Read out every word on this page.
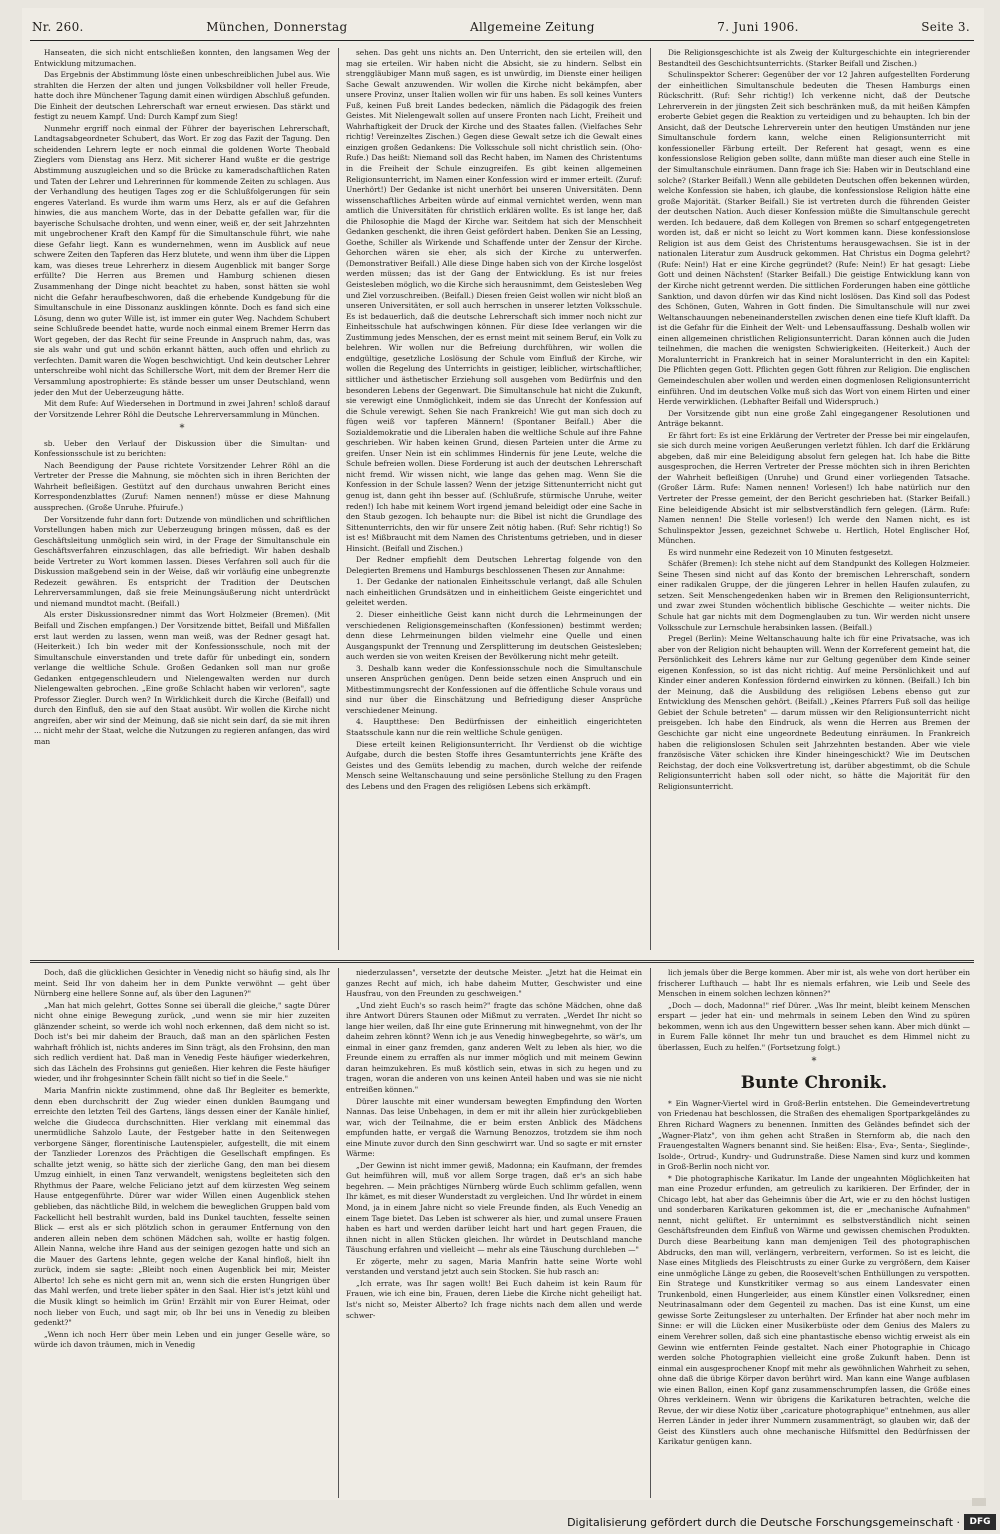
Nr. 260.	München, Donnerstag	Allgemeine Zeitung	7. Juni 1906.	Seite 3.

Hanseaten, die sich nicht entschließen konnten, den langsamen Weg der Entwicklung mitzumachen.

Das Ergebnis der Abstimmung löste einen unbeschreiblichen Jubel aus. Wie strahlten die Herzen der alten und jungen Volksbildner voll heller Freude, hatte doch ihre Münchener Tagung damit einen würdigen Abschluß gefunden. Die Einheit der deutschen Lehrerschaft war erneut erwiesen. Das stärkt und festigt zu neuem Kampf. Und: Durch Kampf zum Sieg!

Nunmehr ergriff noch einmal der Führer der bayerischen Lehrerschaft, Landtagsabgeordneter Schubert, das Wort. Er zog das Fazit der Tagung. Den scheidenden Lehrern legte er noch einmal die goldenen Worte Theobald Zieglers vom Dienstag ans Herz. Mit sicherer Hand wußte er die gestrige Abstimmung auszugleichen und so die Brücke zu kameradschaftlichen Raten und Taten der Lehrer und Lehrerinnen für kommende Zeiten zu schlagen. Aus der Verhandlung des heutigen Tages zog er die Schlußfolgerungen für sein engeres Vaterland. Es wurde ihm warm ums Herz, als er auf die Gefahren hinwies, die aus manchem Worte, das in der Debatte gefallen war, für die bayerische Schulsache drohten, und wenn einer, weiß er, der seit Jahrzehnten mit ungebrochener Kraft den Kampf für die Simultanschule führt, wie nahe diese Gefahr liegt. Kann es wundernehmen, wenn im Ausblick auf neue schwere Zeiten den Tapferen das Herz blutete, und wenn ihm über die Lippen kam, was dieses treue Lehrerherz in diesem Augenblick mit banger Sorge erfüllte? Die Herren aus Bremen und Hamburg schienen diesen Zusammenhang der Dinge nicht beachtet zu haben, sonst hätten sie wohl nicht die Gefahr heraufbeschworen, daß die erhebende Kundgebung für die Simultanschule in eine Dissonanz ausklingen könnte. Doch es fand sich eine Lösung, denn wo guter Wille ist, ist immer ein guter Weg. Nachdem Schubert seine Schlußrede beendet hatte, wurde noch einmal einem Bremer Herrn das Wort gegeben, der das Recht für seine Freunde in Anspruch nahm, das, was sie als wahr und gut und schön erkannt hätten, auch offen und ehrlich zu verfechten. Damit waren die Wogen beschwichtigt. Und kein deutscher Lehrer unterschreibe wohl nicht das Schillersche Wort, mit dem der Bremer Herr die Versammlung apostrophierte: Es stände besser um unser Deutschland, wenn jeder den Mut der Ueberzeugung hätte.

Mit dem Rufe: Auf Wiedersehen in Dortmund in zwei Jahren! schloß darauf der Vorsitzende Lehrer Röhl die Deutsche Lehrerversammlung in München.

*

sb. Ueber den Verlauf der Diskussion über die Simultan- und Konfessionsschule ist zu berichten:

Nach Beendigung der Pause richtete Vorsitzender Lehrer Röhl an die Vertreter der Presse die Mahnung, sie möchten sich in ihren Berichten der Wahrheit befleißigen. Gestützt auf den durchaus unwahren Bericht eines Korrespondenzblattes (Zuruf: Namen nennen!) müsse er diese Mahnung aussprechen. (Große Unruhe. Pfuirufe.)

Der Vorsitzende fuhr dann fort: Dutzende von mündlichen und schriftlichen Vorstellungen haben mich zur Ueberzeugung bringen müssen, daß es der Geschäftsleitung unmöglich sein wird, in der Frage der Simultanschule ein Geschäftsverfahren einzuschlagen, das alle befriedigt. Wir haben deshalb beide Vertreter zu Wort kommen lassen. Dieses Verfahren soll auch für die Diskussion maßgebend sein in der Weise, daß wir vorläufig eine unbegrenzte Redezeit gewähren. Es entspricht der Tradition der Deutschen Lehrerversammlungen, daß sie freie Meinungsäußerung nicht unterdrückt und niemand mundtot macht. (Beifall.)

Als erster Diskussionsredner nimmt das Wort Holzmeier (Bremen). (Mit Beifall und Zischen empfangen.) Der Vorsitzende bittet, Beifall und Mißfallen erst laut werden zu lassen, wenn man weiß, was der Redner gesagt hat. (Heiterkeit.) Ich bin weder mit der Konfessionsschule, noch mit der Simultanschule einverstanden und trete dafür für unbedingt ein, sondern verlange die weltliche Schule. Großen Gedanken soll man nur große Gedanken entgegenschleudern und Nielengewalten werden nur durch Nielengewalten gebrochen. „Eine große Schlacht haben wir verloren", sagte Professor Ziegler. Durch wen? In Wirklichkeit durch die Kirche (Beifall) und durch den Einfluß, den sie auf den Staat ausübt. Wir wollen die Kirche nicht angreifen, aber wir sind der Meinung, daß sie nicht sein darf, da sie mit ihren ... nicht mehr der Staat, welche die Nutzungen zu regieren anfangen, das wird man

sehen. Das geht uns nichts an. Den Unterricht, den sie erteilen will, den mag sie erteilen. Wir haben nicht die Absicht, sie zu hindern. Selbst ein strenggläubiger Mann muß sagen, es ist unwürdig, im Dienste einer heiligen Sache Gewalt anzuwenden. Wir wollen die Kirche nicht bekämpfen, aber unsere Provinz, unser Italien wollen wir für uns haben. Es soll keines Vunters Fuß, keinen Fuß breit Landes bedecken, nämlich die Pädagogik des freien Geistes. Mit Nielengewalt sollen auf unsere Fronten nach Licht, Freiheit und Wahrhaftigkeit der Druck der Kirche und des Staates fallen. (Vielfaches Sehr richtig! Vereinzeltes Zischen.) Gegen diese Gewalt setze ich die Gewalt eines einzigen großen Gedankens: Die Volksschule soll nicht christlich sein. (Oho-Rufe.) Das heißt: Niemand soll das Recht haben, im Namen des Christentums in die Freiheit der Schule einzugreifen. Es gibt keinen allgemeinen Religionsunterricht, im Namen einer Konfession wird er immer erteilt. (Zuruf: Unerhört!) Der Gedanke ist nicht unerhört bei unseren Universitäten. Denn wissenschaftliches Arbeiten würde auf einmal vernichtet werden, wenn man amtlich die Universitäten für christlich erklären wollte. Es ist lange her, daß die Philosophie die Magd der Kirche war. Seitdem hat sich der Menschheit Gedanken geschenkt, die ihren Geist gefördert haben. Denken Sie an Lessing, Goethe, Schiller als Wirkende und Schaffende unter der Zensur der Kirche. Gehorchen wären sie eher, als sich der Kirche zu unterwerfen. (Demonstrativer Beifall.) Alle diese Dinge haben sich von der Kirche losgelöst werden müssen; das ist der Gang der Entwicklung. Es ist nur freies Geistesleben möglich, wo die Kirche sich herausnimmt, dem Geistesleben Weg und Ziel vorzuschreiben. (Beifall.) Diesen freien Geist wollen wir nicht bloß an unseren Universitäten, er soll auch herrschen in unserer letzten Volksschule. Es ist bedauerlich, daß die deutsche Lehrerschaft sich immer noch nicht zur Einheitsschule hat aufschwingen können. Für diese Idee verlangen wir die Zustimmung jedes Menschen, der es ernst meint mit seinem Beruf, ein Volk zu belehren. Wir wollen nur die Befreiung durchführen, wir wollen die endgültige, gesetzliche Loslösung der Schule vom Einfluß der Kirche, wir wollen die Regelung des Unterrichts in geistiger, leiblicher, wirtschaftlicher, sittlicher und ästhetischer Erziehung soll ausgehen vom Bedürfnis und den besonderen Lebens der Gegenwart. Die Simultanschule hat nicht die Zukunft, sie verewigt eine Unmöglichkeit, indem sie das Unrecht der Konfession auf die Schule verewigt. Sehen Sie nach Frankreich! Wie gut man sich doch zu fügen weiß vor tapferen Männern! (Spontaner Beifall.) Aber die Sozialdemokratie und die Liberalen haben die weltliche Schule auf ihre Fahne geschrieben. Wir haben keinen Grund, diesen Parteien unter die Arme zu greifen. Unser Nein ist ein schlimmes Hindernis für jene Leute, welche die Schule befreien wollen. Diese Forderung ist auch der deutschen Lehrerschaft nicht fremd. Wir wissen nicht, wie lange das gehen mag. Wenn Sie die Konfession in der Schule lassen? Wenn der jetzige Sittenunterricht nicht gut genug ist, dann geht ihn besser auf. (Schlußrufe, stürmische Unruhe, weiter reden!) Ich habe mit keinem Wort irgend jemand beleidigt oder eine Sache in den Staub gezogen. Ich behaupte nur: die Bibel ist nicht die Grundlage des Sittenunterrichts, den wir für unsere Zeit nötig haben. (Ruf: Sehr richtig!) So ist es! Mißbraucht mit dem Namen des Christentums getrieben, und in dieser Hinsicht. (Beifall und Zischen.)

Der Redner empfiehlt dem Deutschen Lehrertag folgende von den Delegierten Bremens und Hamburgs beschlossenen Thesen zur Annahme:

1. Der Gedanke der nationalen Einheitsschule verlangt, daß alle Schulen nach einheitlichen Grundsätzen und in einheitlichem Geiste eingerichtet und geleitet werden.

2. Dieser einheitliche Geist kann nicht durch die Lehrmeinungen der verschiedenen Religionsgemeinschaften (Konfessionen) bestimmt werden; denn diese Lehrmeinungen bilden vielmehr eine Quelle und einen Ausgangspunkt der Trennung und Zersplitterung im deutschen Geistesleben; auch werden sie von weiten Kreisen der Bevölkerung nicht mehr geteilt.

3. Deshalb kann weder die Konfessionsschule noch die Simultanschule unseren Ansprüchen genügen. Denn beide setzen einen Anspruch und ein Mitbestimmungsrecht der Konfessionen auf die öffentliche Schule voraus und sind nur über die Einschätzung und Befriedigung dieser Ansprüche verschiedener Meinung.

4. Hauptthese: Den Bedürfnissen der einheitlich eingerichteten Staatsschule kann nur die rein weltliche Schule genügen.

Diese erteilt keinen Religionsunterricht. Ihr Verdienst ob die wichtige Aufgabe, durch die besten Stoffe ihres Gesamtunterrichts jene Kräfte des Geistes und des Gemüts lebendig zu machen, durch welche der reifende Mensch seine Weltanschauung und seine persönliche Stellung zu den Fragen des Lebens und den Fragen des religiösen Lebens sich erkämpft.

Die Religionsgeschichte ist als Zweig der Kulturgeschichte ein integrierender Bestandteil des Geschichtsunterrichts. (Starker Beifall und Zischen.)

Schulinspektor Scherer: Gegenüber der vor 12 Jahren aufgestellten Forderung der einheitlichen Simultanschule bedeuten die Thesen Hamburgs einen Rückschritt. (Ruf: Sehr richtig!) Ich verkenne nicht, daß der Deutsche Lehrerverein in der jüngsten Zeit sich beschränken muß, da mit heißen Kämpfen eroberte Gebiet gegen die Reaktion zu verteidigen und zu behaupten. Ich bin der Ansicht, daß der Deutsche Lehrerverein unter den heutigen Umständen nur jene Simultanschule fordern kann, welche einen Religionsunterricht mit konfessioneller Färbung erteilt. Der Referent hat gesagt, wenn es eine konfessionslose Religion geben sollte, dann müßte man dieser auch eine Stelle in der Simultanschule einräumen. Dann frage ich Sie: Haben wir in Deutschland eine solche? (Starker Beifall.) Wenn alle gebildeten Deutschen offen bekennen würden, welche Konfession sie haben, ich glaube, die konfessionslose Religion hätte eine große Majorität. (Starker Beifall.) Sie ist vertreten durch die führenden Geister der deutschen Nation. Auch dieser Konfession müßte die Simultanschule gerecht werden. Ich bedauere, daß dem Kollegen von Bremen so scharf entgegengetreten worden ist, daß er nicht so leicht zu Wort kommen kann. Diese konfessionslose Religion ist aus dem Geist des Christentums herausgewachsen. Sie ist in der nationalen Literatur zum Ausdruck gekommen. Hat Christus ein Dogma gelehrt? (Rufe: Nein!) Hat er eine Kirche gegründet? (Rufe: Nein!) Er hat gesagt: Liebe Gott und deinen Nächsten! (Starker Beifall.) Die geistige Entwicklung kann von der Kirche nicht getrennt werden. Die sittlichen Forderungen haben eine göttliche Sanktion, und davon dürfen wir das Kind nicht loslösen. Das Kind soll das Podest des Schönen, Guten, Wahren in Gott finden. Die Simultanschule will nur zwei Weltanschauungen nebeneinanderstellen zwischen denen eine tiefe Kluft klafft. Da ist die Gefahr für die Einheit der Welt- und Lebensauffassung. Deshalb wollen wir einen allgemeinen christlichen Religionsunterricht. Daran können auch die Juden teilnehmen, die machen die wenigsten Schwierigkeiten. (Heiterkeit.) Auch der Moralunterricht in Frankreich hat in seiner Moralunterricht in den ein Kapitel: Die Pflichten gegen Gott. Pflichten gegen Gott führen zur Religion. Die englischen Gemeindeschulen aber wollen und werden einen dogmenlosen Religionsunterricht einführen. Und im deutschen Volke muß sich das Wort von einem Hirten und einer Herde verwirklichen. (Lebhafter Beifall und Widerspruch.)

Der Vorsitzende gibt nun eine große Zahl eingegangener Resolutionen und Anträge bekannt.

Er fährt fort: Es ist eine Erklärung der Vertreter der Presse bei mir eingelaufen, sie sich durch meine vorigen Aeußerungen verletzt fühlen. Ich darf die Erklärung abgeben, daß mir eine Beleidigung absolut fern gelegen hat. Ich habe die Bitte ausgesprochen, die Herren Vertreter der Presse möchten sich in ihren Berichten der Wahrheit befleißigen (Unruhe) und Grund einer vorliegenden Tatsache. (Großer Lärm. Rufe: Namen nennen! Vorlesen!) Ich habe natürlich nur den Vertreter der Presse gemeint, der den Bericht geschrieben hat. (Starker Beifall.) Eine beleidigende Absicht ist mir selbstverständlich fern gelegen. (Lärm. Rufe: Namen nennen! Die Stelle vorlesen!) Ich werde den Namen nicht, es ist Schulinspektor Jessen, gezeichnet Schwebe u. Hertlich, Hotel Englischer Hof, München.

Es wird nunmehr eine Redezeit von 10 Minuten festgesetzt.

Schäfer (Bremen): Ich stehe nicht auf dem Standpunkt des Kollegen Holzmeier. Seine Thesen sind nicht auf das Konto der bremischen Lehrerschaft, sondern einer radikalen Gruppe, der die jüngeren Lehrer in hellen Haufen zulaufen, zu setzen. Seit Menschengedenken haben wir in Bremen den Religionsunterricht, und zwar zwei Stunden wöchentlich biblische Geschichte — weiter nichts. Die Schule hat gar nichts mit dem Dogmenglauben zu tun. Wir werden nicht unsere Volksschule zur Lernschule herabsinken lassen. (Beifall.)

Pregel (Berlin): Meine Weltanschauung halte ich für eine Privatsache, was ich aber von der Religion nicht behaupten will. Wenn der Korreferent gemeint hat, die Persönlichkeit des Lehrers käme nur zur Geltung gegenüber dem Kinde seiner eigenen Konfession, so ist das nicht richtig. Auf meine Persönlichkeit und auf Kinder einer anderen Konfession fördernd einwirken zu können. (Beifall.) Ich bin der Meinung, daß die Ausbildung des religiösen Lebens ebenso gut zur Entwicklung des Menschen gehört. (Beifall.) „Keines Pfarrers Fuß soll das heilige Gebiet der Schule betreten" — darum müssen wir den Religionsunterricht nicht preisgeben. Ich habe den Eindruck, als wenn die Herren aus Bremen der Geschichte gar nicht eine ungeordnete Bedeutung einräumen. In Frankreich haben die religionslosen Schulen seit Jahrzehnten bestanden. Aber wie viele französische Väter schicken ihre Kinder hineingeschickt? Wie im Deutschen Reichstag, der doch eine Volksvertretung ist, darüber abgestimmt, ob die Schule Religionsunterricht haben soll oder nicht, so hätte die Majorität für den Religionsunterricht.

Doch, daß die glücklichen Gesichter in Venedig nicht so häufig sind, als Ihr meint. Seid Ihr von daheim her in dem Punkte verwöhnt — geht über Nürnberg eine hellere Sonne auf, als über den Lagunen?"

„Man hat mich gelehrt, Gottes Sonne sei überall die gleiche," sagte Dürer nicht ohne einige Bewegung zurück, „und wenn sie mir hier zuzeiten glänzender scheint, so werde ich wohl noch erkennen, daß dem nicht so ist. Doch ist's bei mir daheim der Brauch, daß man an den spärlichen Festen wahrhaft fröhlich ist, nichts anderes im Sinn trägt, als den Frohsinn, den man sich redlich verdient hat. Daß man in Venedig Feste häufiger wiederkehren, sich das Lächeln des Frohsinns gut genießen. Hier kehren die Feste häufiger wieder, und ihr frohgesinnter Schein fällt nicht so tief in die Seele."

Maria Manfrin nickte zustimmend, ohne daß Ihr Begleiter es bemerkte, denn eben durchschritt der Zug wieder einen dunklen Baumgang und erreichte den letzten Teil des Gartens, längs dessen einer der Kanäle hinlief, welche die Giudecca durchschnitten. Hier verklang mit einemmal das unermüdliche Sahzolo Laute, der Festgeber hatte in den Seitenwegen verborgene Sänger, florentinische Lautenspieler, aufgestellt, die mit einem der Tanzlieder Lorenzos des Prächtigen die Gesellschaft empfingen. Es schallte jetzt wenig, so hätte sich der zierliche Gang, den man bei diesem Umzug einhielt, in einen Tanz verwandelt, wenigstens begleiteten sich den Rhythmus der Paare, welche Feliciano jetzt auf dem kürzesten Weg seinem Hause entgegenführte. Dürer war wider Willen einen Augenblick stehen geblieben, das nächtliche Bild, in welchem die beweglichen Gruppen bald vom Fackellicht hell bestrahlt wurden, bald ins Dunkel tauchten, fesselte seinen Blick — erst als er sich plötzlich schon in geraumer Entfernung von den anderen allein neben dem schönen Mädchen sah, wollte er hastig folgen. Allein Nanna, welche ihre Hand aus der seinigen gezogen hatte und sich an die Mauer des Gartens lehnte, gegen welche der Kanal hinfloß, hielt ihn zurück, indem sie sagte: „Bleibt noch einen Augenblick bei mir, Meister Alberto! Ich sehe es nicht gern mit an, wenn sich die ersten Hungrigen über das Mahl werfen, und trete lieber später in den Saal. Hier ist's jetzt kühl und die Musik klingt so heimlich im Grün! Erzählt mir von Eurer Heimat, oder noch lieber von Euch, und sagt mir, ob Ihr bei uns in Venedig zu bleiben gedenkt?"

„Wenn ich noch Herr über mein Leben und ein junger Geselle wäre, so würde ich davon träumen, mich in Venedig

niederzulassen", versetzte der deutsche Meister. „Jetzt hat die Heimat ein ganzes Recht auf mich, ich habe daheim Mutter, Geschwister und eine Hausfrau, von den Freunden zu geschweigen."

„Und zieht Euch's so rasch heim?" fragte das schöne Mädchen, ohne daß ihre Antwort Dürers Staunen oder Mißmut zu verraten. „Werdet Ihr nicht so lange hier weilen, daß Ihr eine gute Erinnerung mit hinwegnehmt, von der Ihr daheim zehren könnt? Wenn ich je aus Venedig hinwegbegehrte, so wär's, um einmal in einer ganz fremden, ganz anderen Welt zu leben als hier, wo die Freunde einem zu erraffen als nur immer möglich und mit meinem Gewinn daran heimzukehren. Es muß köstlich sein, etwas in sich zu hegen und zu tragen, woran die anderen von uns keinen Anteil haben und was sie nie nicht entreißen können."

Dürer lauschte mit einer wundersam bewegten Empfindung den Worten Nannas. Das leise Unbehagen, in dem er mit ihr allein hier zurückgeblieben war, wich der Teilnahme, die er beim ersten Anblick des Mädchens empfunden hatte, er vergaß die Warnung Benozzos, trotzdem sie ihm noch eine Minute zuvor durch den Sinn geschwirrt war. Und so sagte er mit ernster Wärme:

„Der Gewinn ist nicht immer gewiß, Madonna; ein Kaufmann, der fremdes Gut heimführen will, muß vor allem Sorge tragen, daß er's an sich habe begehren. — Mein prächtiges Nürnberg würde Euch schlimm gefallen, wenn Ihr kämet, es mit dieser Wunderstadt zu vergleichen. Und Ihr würdet in einem Mond, ja in einem Jahre nicht so viele Freunde finden, als Euch Venedig an einem Tage bietet. Das Leben ist schwerer als hier, und zumal unsere Frauen haben es hart und werden darüber leicht hart und hart gegen Frauen, die ihnen nicht in allen Stücken gleichen. Ihr würdet in Deutschland manche Täuschung erfahren und vielleicht — mehr als eine Täuschung durchleben —"

Er zögerte, mehr zu sagen, Maria Manfrin hatte seine Worte wohl verstanden und verstand jetzt auch sein Stocken. Sie hub rasch an:

„Ich errate, was Ihr sagen wollt! Bei Euch daheim ist kein Raum für Frauen, wie ich eine bin, Frauen, deren Liebe die Kirche nicht geheiligt hat. Ist's nicht so, Meister Alberto? Ich frage nichts nach dem allen und werde schwer-

lich jemals über die Berge kommen. Aber mir ist, als wehe von dort herüber ein frischerer Lufthauch — habt Ihr es niemals erfahren, wie Leib und Seele des Menschen in einem solchen lechzen können?"

„Doch — doch, Madonna!" rief Dürer. „Was Ihr meint, bleibt keinem Menschen erspart — jeder hat ein- und mehrmals in seinem Leben den Wind zu spüren bekommen, wenn ich aus den Ungewittern besser sehen kann. Aber mich dünkt — in Eurem Falle könnet Ihr mehr tun und brauchet es dem Himmel nicht zu überlassen, Euch zu helfen." (Fortsetzung folgt.)

*

Bunte Chronik.

* Ein Wagner-Viertel wird in Groß-Berlin entstehen. Die Gemeindevertretung von Friedenau hat beschlossen, die Straßen des ehemaligen Sportparkgeländes zu Ehren Richard Wagners zu benennen. Inmitten des Geländes befindet sich der „Wagner-Platz", von ihm gehen acht Straßen in Sternform ab, die nach den Frauengestalten Wagners benannt sind. Sie heißen: Elsa-, Eva-, Senta-, Sieglinde-, Isolde-, Ortrud-, Kundry- und Gudrunstraße. Diese Namen sind kurz und kommen in Groß-Berlin noch nicht vor.

* Die photographische Karikatur. Im Lande der ungeahnten Möglichkeiten hat man eine Prozedur erfunden, am getreulich zu karikieren. Der Erfinder, der in Chicago lebt, hat aber das Geheimnis über die Art, wie er zu den höchst lustigen und sonderbaren Karikaturen gekommen ist, die er „mechanische Aufnahmen" nennt, nicht gelüftet. Er unternimmt es selbstverständlich nicht seinen Geschäftsfreunden dem Einfluß von Wärme und gewissen chemischen Produkten. Durch diese Bearbeitung kann man demjenigen Teil des photographischen Abdrucks, den man will, verlängern, verbreitern, verformen. So ist es leicht, die Nase eines Mitglieds des Fleischtrusts zu einer Gurke zu vergrößern, dem Kaiser eine unmögliche Länge zu geben, die Roosevelt'schen Enthüllungen zu verspotten. Ein Stratege und Kunstkritiker vermag so aus einem Landesvater einen Trunkenbold, einen Hungerleider, aus einem Künstler einen Volksredner, einen Neutrinasalmann oder dem Gegenteil zu machen. Das ist eine Kunst, um eine gewisse Sorte Zeitungsleser zu unterhalten. Der Erfinder hat aber noch mehr im Sinne: er will die Lücken einer Musikerbüste oder dem Genius des Malers zu einem Verehrer sollen, daß sich eine phantastische ebenso wichtig erweist als ein Gewinn wie entfernten Feinde gestaltet. Nach einer Photographie in Chicago werden solche Photographien vielleicht eine große Zukunft haben. Denn ist einmal ein ausgesprochener Knopf mit mehr als gewöhnlichen Wahrheit zu sehen, ohne daß die übrige Körper davon berührt wird. Man kann eine Wange aufblasen wie einen Ballon, einen Kopf ganz zusammenschrumpfen lassen, die Größe eines Ohres verkleinern. Wenn wir übrigens die Karikaturen betrachten, welche die Revue, der wir diese Notiz über „caricature photographique" entnehmen, aus aller Herren Länder in jeder ihrer Nummern zusammenträgt, so glauben wir, daß der Geist des Künstlers auch ohne mechanische Hilfsmittel den Bedürfnissen der Karikatur genügen kann.

Digitalisierung gefördert durch die Deutsche Forschungsgemeinschaft ·	DFG
